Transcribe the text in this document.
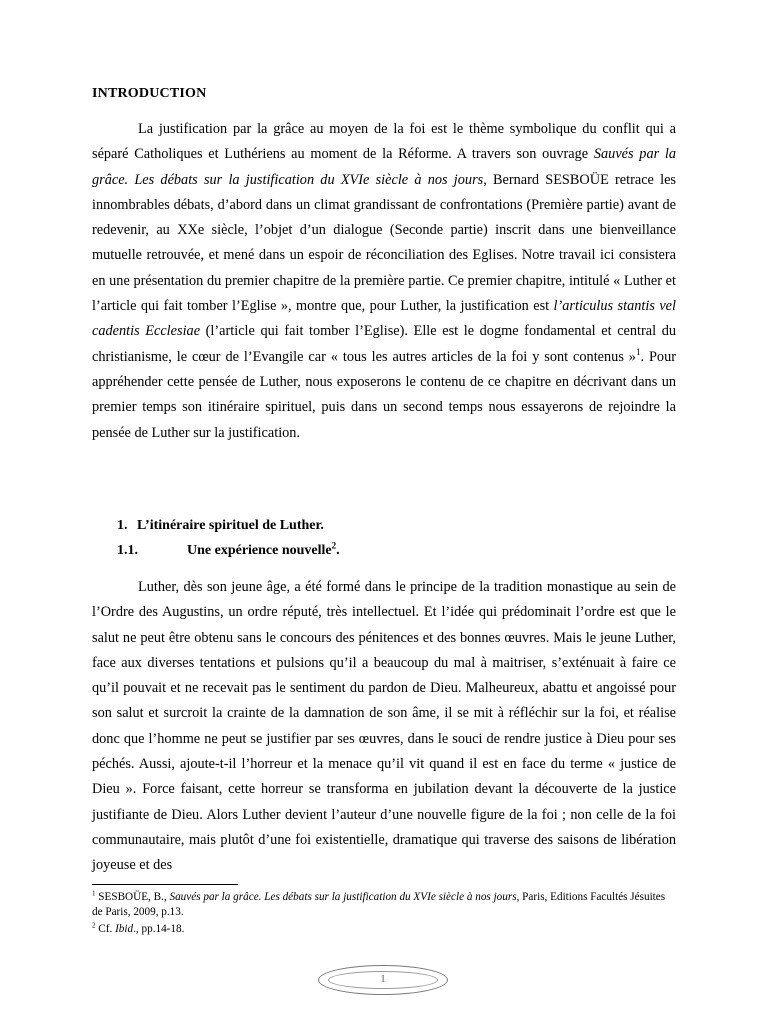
INTRODUCTION

La justification par la grâce au moyen de la foi est le thème symbolique du conflit qui a séparé Catholiques et Luthériens au moment de la Réforme. A travers son ouvrage Sauvés par la grâce. Les débats sur la justification du XVIe siècle à nos jours, Bernard SESBOÜE retrace les innombrables débats, d’abord dans un climat grandissant de confrontations (Première partie) avant de redevenir, au XXe siècle, l’objet d’un dialogue (Seconde partie) inscrit dans une bienveillance mutuelle retrouvée, et mené dans un espoir de réconciliation des Eglises. Notre travail ici consistera en une présentation du premier chapitre de la première partie. Ce premier chapitre, intitulé « Luther et l’article qui fait tomber l’Eglise », montre que, pour Luther, la justification est l’articulus stantis vel cadentis Ecclesiae (l’article qui fait tomber l’Eglise). Elle est le dogme fondamental et central du christianisme, le cœur de l’Evangile car « tous les autres articles de la foi y sont contenus »$^1$. Pour appréhender cette pensée de Luther, nous exposerons le contenu de ce chapitre en décrivant dans un premier temps son itinéraire spirituel, puis dans un second temps nous essayerons de rejoindre la pensée de Luther sur la justification.

1. L’itinéraire spirituel de Luther.
1.1.	Une expérience nouvelle$^2$.

Luther, dès son jeune âge, a été formé dans le principe de la tradition monastique au sein de l’Ordre des Augustins, un ordre réputé, très intellectuel. Et l’idée qui prédominait l’ordre est que le salut ne peut être obtenu sans le concours des pénitences et des bonnes œuvres. Mais le jeune Luther, face aux diverses tentations et pulsions qu’il a beaucoup du mal à maitriser, s’exténuait à faire ce qu’il pouvait et ne recevait pas le sentiment du pardon de Dieu. Malheureux, abattu et angoissé pour son salut et surcroit la crainte de la damnation de son âme, il se mit à réfléchir sur la foi, et réalise donc que l’homme ne peut se justifier par ses œuvres, dans le souci de rendre justice à Dieu pour ses péchés. Aussi, ajoute-t-il l’horreur et la menace qu’il vit quand il est en face du terme « justice de Dieu ». Force faisant, cette horreur se transforma en jubilation devant la découverte de la justice justifiante de Dieu. Alors Luther devient l’auteur d’une nouvelle figure de la foi ; non celle de la foi communautaire, mais plutôt d’une foi existentielle, dramatique qui traverse des saisons de libération joyeuse et des

$^1$ SESBOÜE, B., Sauvés par la grâce. Les débats sur la justification du XVIe siècle à nos jours, Paris, Editions Facultés Jésuites de Paris, 2009, p.13.

$^2$ Cf. Ibid., pp.14-18.

1
